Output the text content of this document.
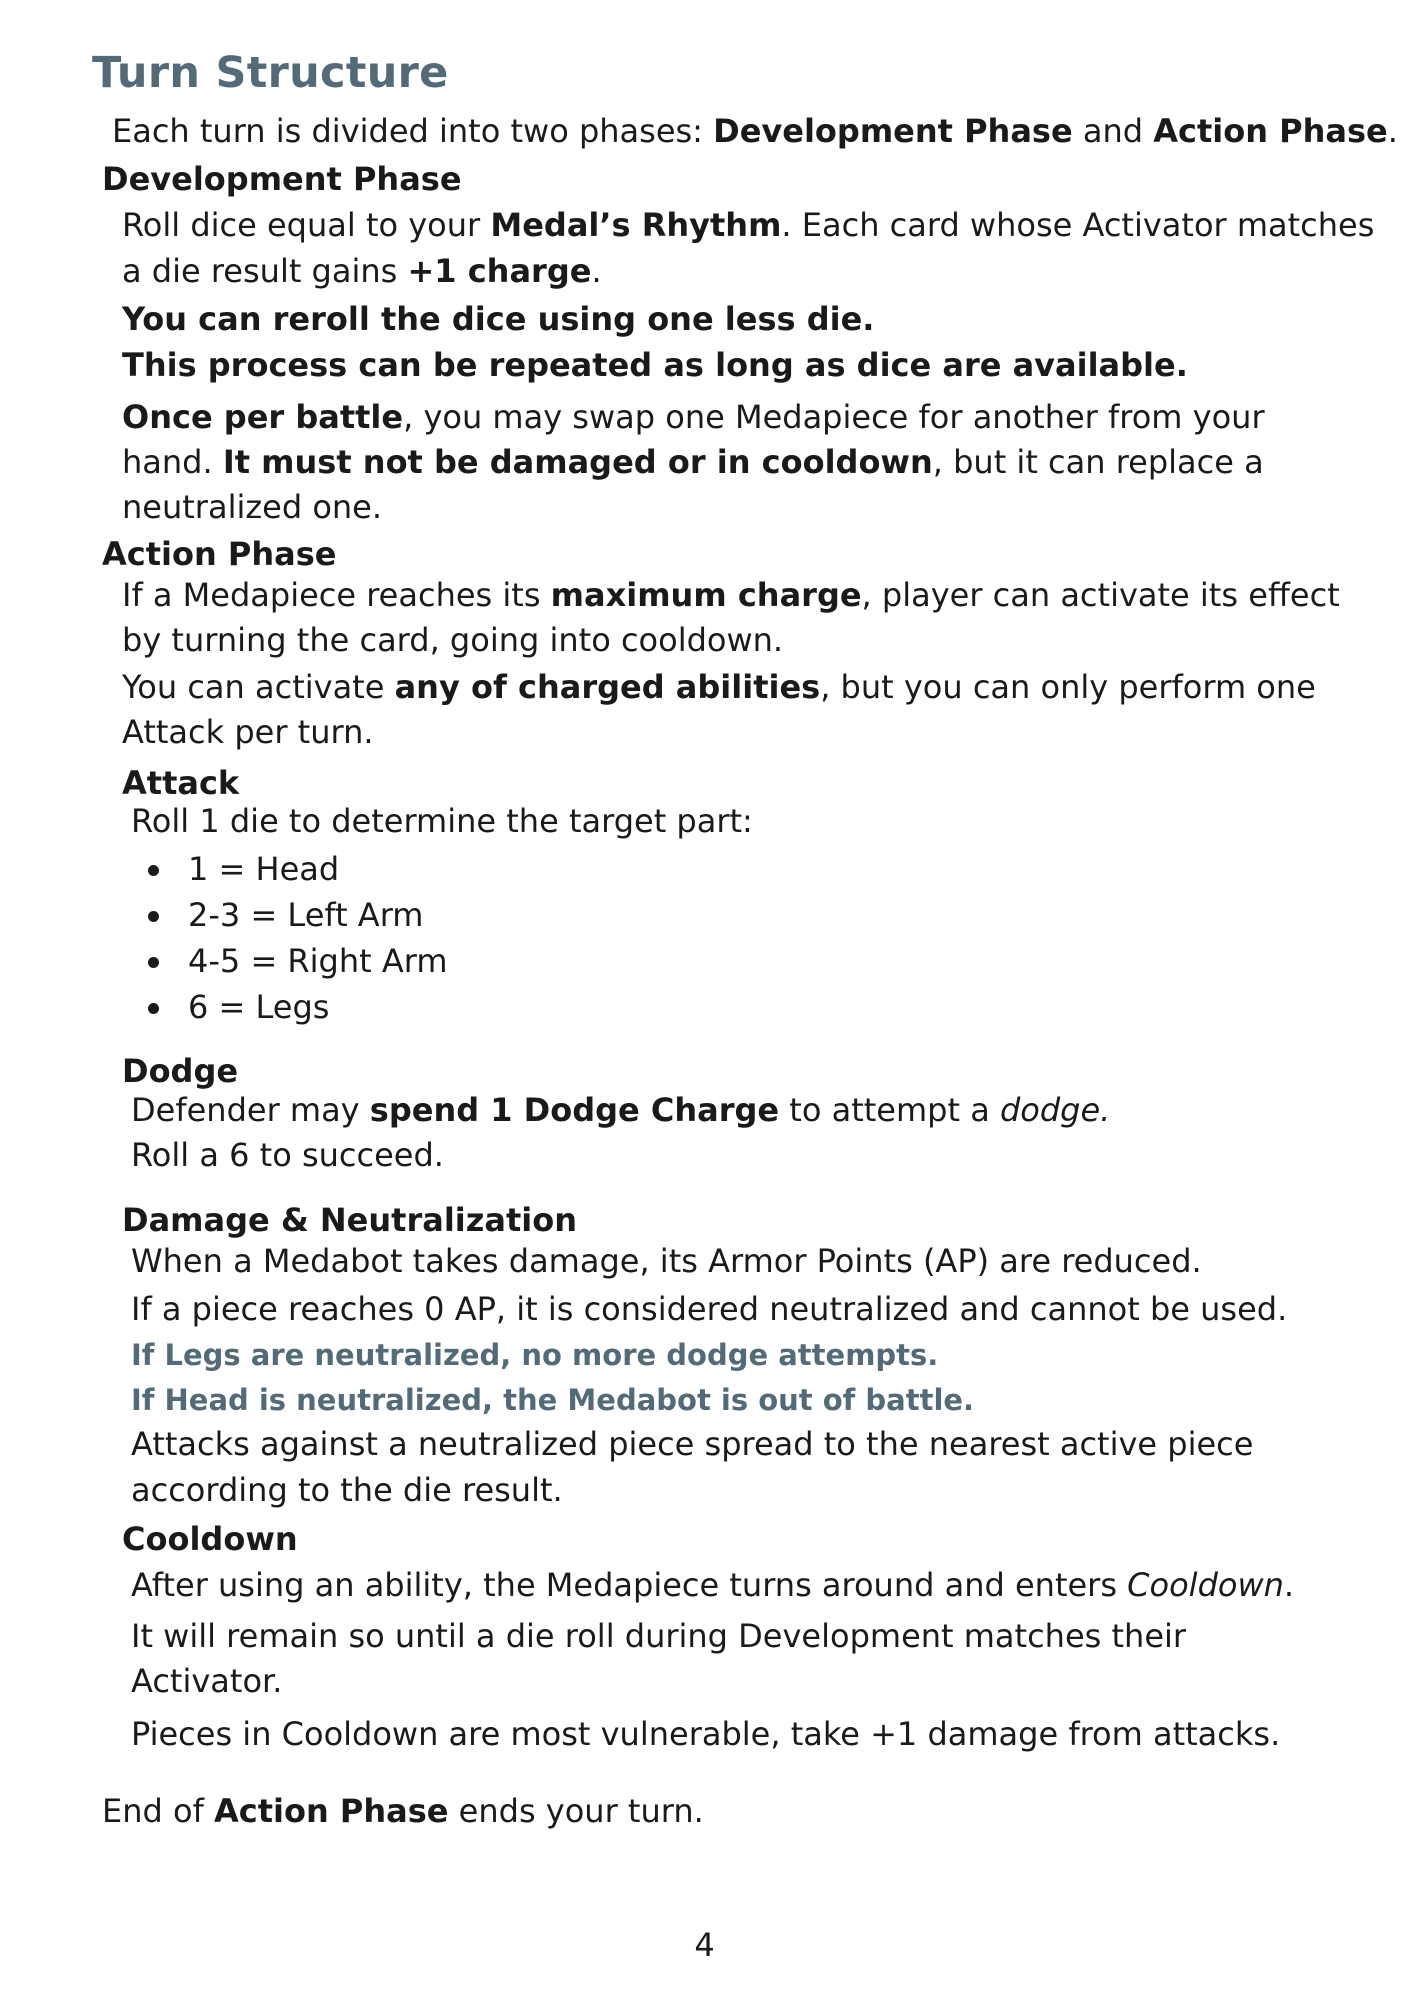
Turn Structure

Each turn is divided into two phases: Development Phase and Action Phase.

Development Phase

Roll dice equal to your Medal’s Rhythm. Each card whose Activator matches

a die result gains +1 charge.

You can reroll the dice using one less die.

This process can be repeated as long as dice are available.

Once per battle, you may swap one Medapiece for another from your

hand. It must not be damaged or in cooldown, but it can replace a

neutralized one.

Action Phase

If a Medapiece reaches its maximum charge, player can activate its effect

by turning the card, going into cooldown.

You can activate any of charged abilities, but you can only perform one

Attack per turn.

Attack

Roll 1 die to determine the target part:

1 = Head
2-3 = Left Arm
4-5 = Right Arm
6 = Legs
Dodge

Defender may spend 1 Dodge Charge to attempt a dodge.

Roll a 6 to succeed.

Damage & Neutralization

When a Medabot takes damage, its Armor Points (AP) are reduced.

If a piece reaches 0 AP, it is considered neutralized and cannot be used.

If Legs are neutralized, no more dodge attempts.

If Head is neutralized, the Medabot is out of battle.

Attacks against a neutralized piece spread to the nearest active piece

according to the die result.

Cooldown

After using an ability, the Medapiece turns around and enters Cooldown.

It will remain so until a die roll during Development matches their

Activator.

Pieces in Cooldown are most vulnerable, take +1 damage from attacks.

End of Action Phase ends your turn.

4
